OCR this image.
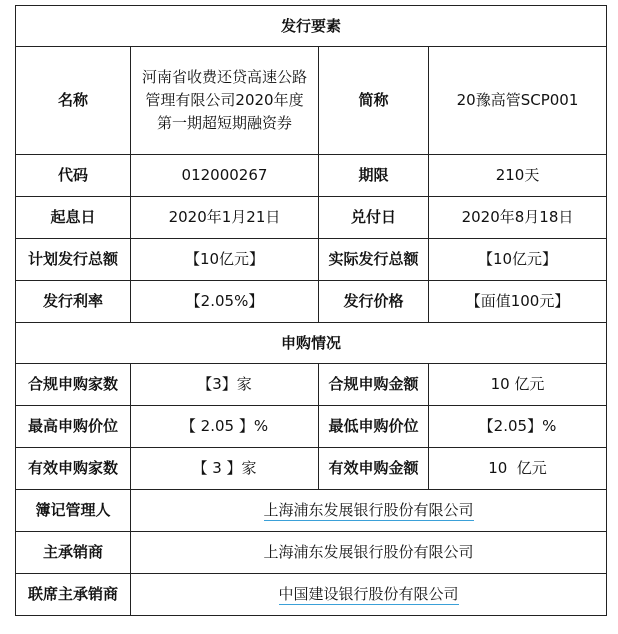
发行要素			
名称	河南省收费还贷高速公路管理有限公司2020年度第一期超短期融资券	简称	20豫高管SCP001
代码	012000267	期限	210天
起息日	2020年1月21日	兑付日	2020年8月18日
计划发行总额	【10亿元】	实际发行总额	【10亿元】
发行利率	【2.05%】	发行价格	【面值100元】
申购情况			
合规申购家数	【3】家	合规申购金额	10 亿元
最高申购价位	【 2.05 】%	最低申购价位	【2.05】%
有效申购家数	【 3 】家	有效申购金额	10  亿元
簿记管理人	上海浦东发展银行股份有限公司		
主承销商	上海浦东发展银行股份有限公司		
联席主承销商	中国建设银行股份有限公司		
